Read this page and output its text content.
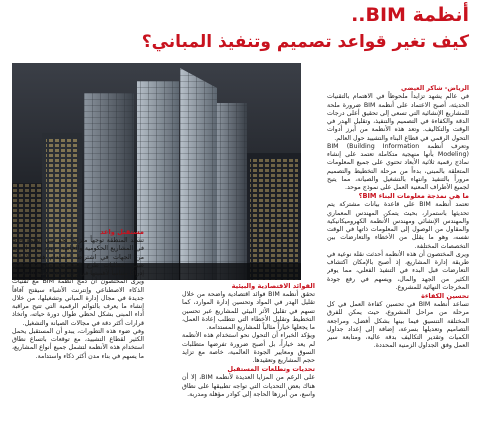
أنظمة BIM..
كيف تغير قواعد تصميم وتنفيذ المباني؟

الرياض- شاكر العيضي

في عالم يشهد تزايداً ملحوظاً في الاهتمام بالتقنيات الحديثة، أصبح الاعتماد على أنظمة BIM ضرورة ملحة للمشاريع الإنشائية التي تسعى إلى تحقيق أعلى درجات الدقة والكفاءة في التصميم والتنفيذ، وتقليل الهدر في الوقت والتكاليف. وتعد هذه الأنظمة من أبرز أدوات التحول الرقمي في قطاع البناء والتشييد حول العالم.

وتعرف أنظمة BIM (Building Information Modeling) بأنها منهجية متكاملة تعتمد على إنشاء نماذج رقمية ثلاثية الأبعاد تحتوي على جميع المعلومات المتعلقة بالمبنى، بدءاً من مرحلة التخطيط والتصميم مروراً بالتنفيذ وانتهاء بالتشغيل والصيانة، مما يتيح لجميع الأطراف المعنية العمل على نموذج موحد.

ما هي نمذجة معلومات البناء BIM؟

تعتمد أنظمة BIM على قاعدة بيانات مشتركة يتم تحديثها باستمرار، بحيث يتمكن المهندس المعماري والمهندس الإنشائي ومهندس الأنظمة الكهروميكانيكية والمقاول من الوصول إلى المعلومات ذاتها في الوقت نفسه، وهو ما يقلل من الأخطاء والتعارضات بين التخصصات المختلفة.

ويرى المختصون أن هذه الأنظمة أحدثت نقلة نوعية في طريقة إدارة المشاريع، إذ أصبح بالإمكان اكتشاف التعارضات قبل البدء في التنفيذ الفعلي، مما يوفر الكثير من الجهد والمال، ويسهم في رفع جودة المخرجات النهائية للمشروع.

تحسين الكفاءة

تساعد أنظمة BIM في تحسين كفاءة العمل في كل مرحلة من مراحل المشروع، حيث يمكن للفرق المختلفة التنسيق فيما بينها بشكل أفضل، ومراجعة التصاميم وتعديلها بسرعة، إضافة إلى إعداد جداول الكميات وتقدير التكاليف بدقة عالية، ومتابعة سير العمل وفق الجداول الزمنية المحددة.

الفوائد الاقتصادية والبيئية

تحقق أنظمة BIM فوائد اقتصادية واضحة من خلال تقليل الهدر في المواد وتحسين إدارة الموارد، كما تسهم في تقليل الأثر البيئي للمشاريع عبر تحسين التخطيط وتقليل الأخطاء التي تتطلب إعادة العمل، ما يجعلها خياراً مثالياً للمشاريع المستدامة.

ويؤكد الخبراء أن التحول نحو استخدام هذه الأنظمة لم يعد خياراً، بل أصبح ضرورة تفرضها متطلبات السوق ومعايير الجودة العالمية، خاصة مع تزايد حجم المشاريع وتعقيدها.

تحديات وتطلعات المستقبل

على الرغم من المزايا العديدة لأنظمة BIM، إلا أن هناك بعض التحديات التي تواجه تطبيقها على نطاق واسع، من أبرزها الحاجة إلى كوادر مؤهلة ومدربة.

مستقبل واعد

تشهد المنطقة توجهاً متزايداً نحو تبني أنظمة BIM في المشاريع الحكومية والخاصة، حيث بدأت العديد من الجهات في اشتراط استخدام هذه الأنظمة ضمن متطلبات طرح المشاريع، وهو ما يعكس إدراكاً متنامياً لأهميتها في رفع كفاءة قطاع البناء.

ويرى المختصون أن دمج أنظمة BIM مع تقنيات الذكاء الاصطناعي وإنترنت الأشياء سيفتح آفاقاً جديدة في مجال إدارة المباني وتشغيلها، من خلال إنشاء ما يعرف بالتوائم الرقمية التي تتيح مراقبة أداء المبنى بشكل لحظي طوال دورة حياته، واتخاذ قرارات أكثر دقة في مجالات الصيانة والتشغيل.

وفي ضوء هذه التطورات، يبدو أن المستقبل يحمل الكثير لقطاع التشييد، مع توقعات باتساع نطاق استخدام هذه الأنظمة لتشمل جميع أنواع المشاريع، ما يسهم في بناء مدن أكثر ذكاء واستدامة.
